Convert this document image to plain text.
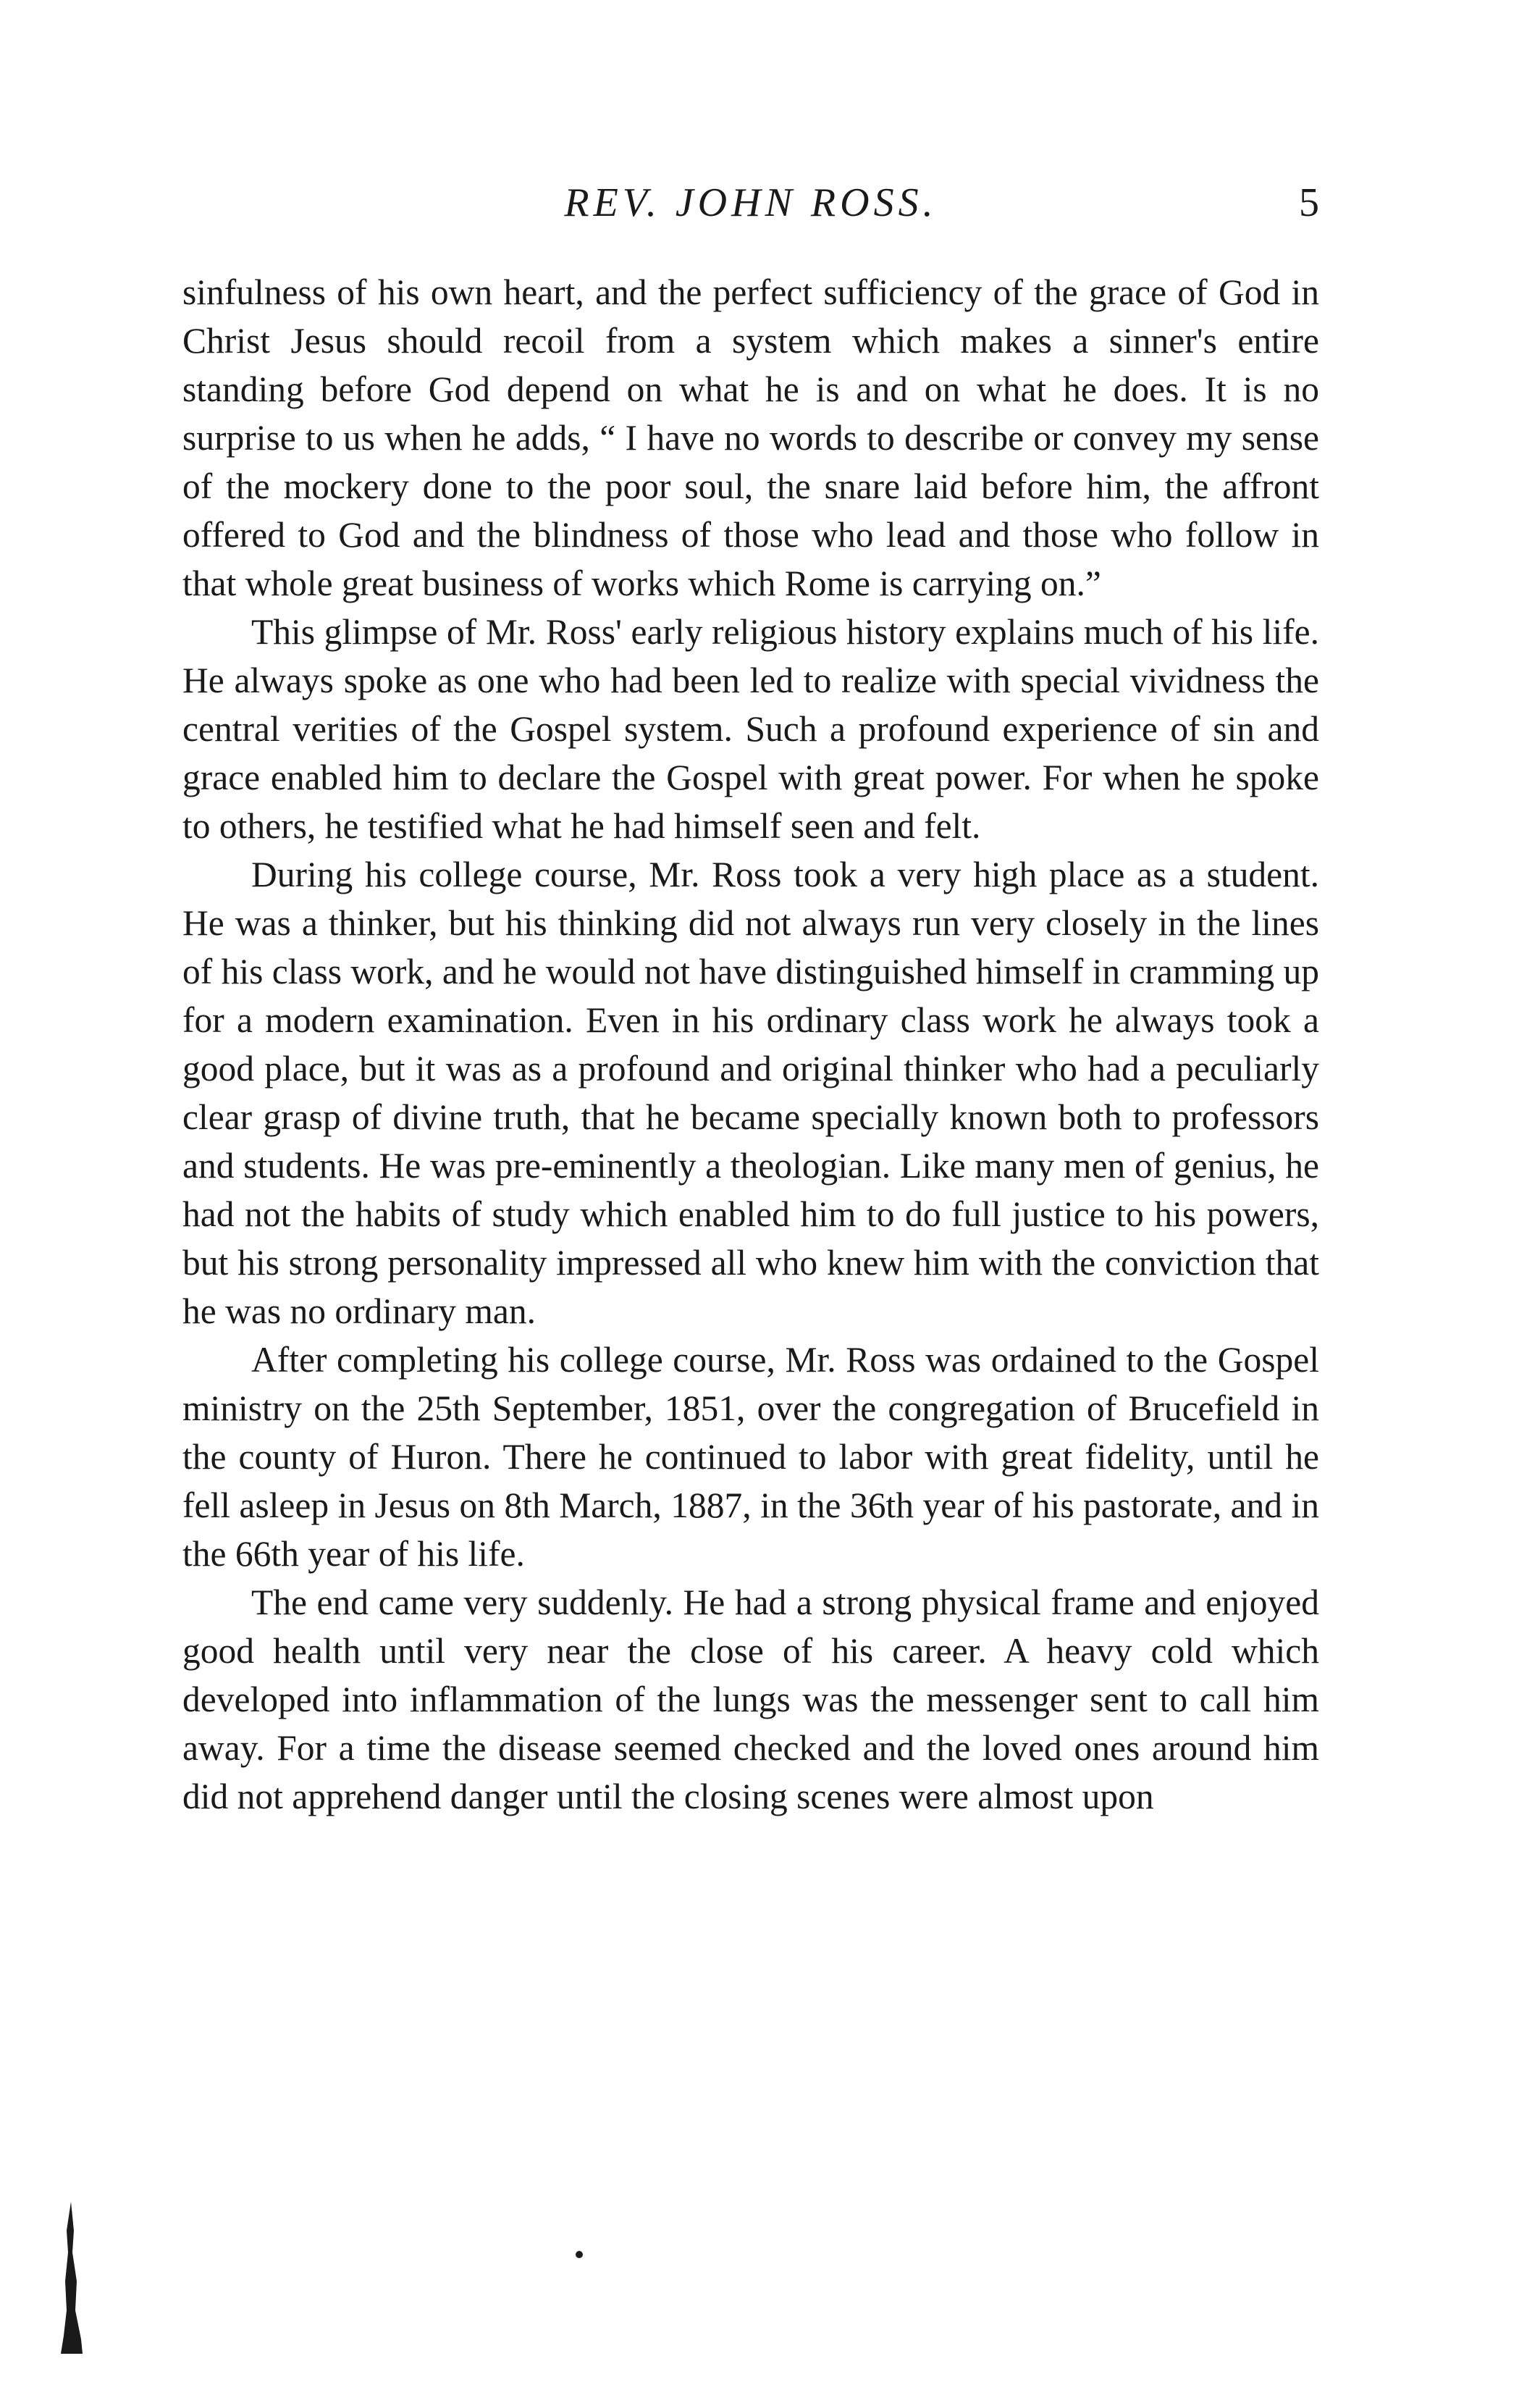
REV. JOHN ROSS.	5

sinfulness of his own heart, and the perfect sufficiency of the grace of God in Christ Jesus should recoil from a system which makes a sinner's entire standing before God depend on what he is and on what he does. It is no surprise to us when he adds, “ I have no words to describe or convey my sense of the mockery done to the poor soul, the snare laid before him, the affront offered to God and the blindness of those who lead and those who follow in that whole great business of works which Rome is carrying on.”

This glimpse of Mr. Ross' early religious history explains much of his life. He always spoke as one who had been led to realize with special vividness the central verities of the Gospel system. Such a profound experience of sin and grace enabled him to declare the Gospel with great power. For when he spoke to others, he testified what he had himself seen and felt.

During his college course, Mr. Ross took a very high place as a student. He was a thinker, but his thinking did not always run very closely in the lines of his class work, and he would not have distinguished himself in cramming up for a modern examination. Even in his ordinary class work he always took a good place, but it was as a profound and original thinker who had a peculiarly clear grasp of divine truth, that he became specially known both to professors and students. He was pre-eminently a theologian. Like many men of genius, he had not the habits of study which enabled him to do full justice to his powers, but his strong personality impressed all who knew him with the conviction that he was no ordinary man.

After completing his college course, Mr. Ross was ordained to the Gospel ministry on the 25th September, 1851, over the congregation of Brucefield in the county of Huron. There he continued to labor with great fidelity, until he fell asleep in Jesus on 8th March, 1887, in the 36th year of his pastorate, and in the 66th year of his life.

The end came very suddenly. He had a strong physical frame and enjoyed good health until very near the close of his career. A heavy cold which developed into inflammation of the lungs was the messenger sent to call him away. For a time the disease seemed checked and the loved ones around him did not apprehend danger until the closing scenes were almost upon
